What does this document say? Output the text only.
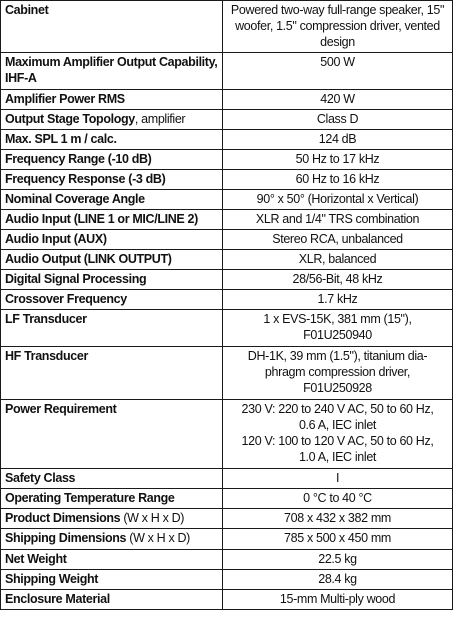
Cabinet	Powered two-way full-range speaker, 15"
woofer, 1.5" compression driver, vented
design

Maximum Amplifier Output Capability, IHF-A	500 W

Amplifier Power RMS	420 W

Output Stage Topology, amplifier	Class D

Max. SPL 1 m / calc.	124 dB

Frequency Range (-10 dB)	50 Hz to 17 kHz

Frequency Response (-3 dB)	60 Hz to 16 kHz

Nominal Coverage Angle	90° x 50° (Horizontal x Vertical)

Audio Input (LINE 1 or MIC/LINE 2)	XLR and 1/4" TRS combination

Audio Input (AUX)	Stereo RCA, unbalanced

Audio Output (LINK OUTPUT)	XLR, balanced

Digital Signal Processing	28/56-Bit, 48 kHz

Crossover Frequency	1.7 kHz

LF Transducer	1 x EVS-15K, 381 mm (15"),
F01U250940

HF Transducer	DH-1K, 39 mm (1.5"), titanium dia-
phragm compression driver,
F01U250928

Power Requirement	230 V: 220 to 240 V AC, 50 to 60 Hz,
0.6 A, IEC inlet
120 V: 100 to 120 V AC, 50 to 60 Hz,
1.0 A, IEC inlet

Safety Class	I

Operating Temperature Range	0 °C to 40 °C

Product Dimensions (W x H x D)	708 x 432 x 382 mm

Shipping Dimensions (W x H x D)	785 x 500 x 450 mm

Net Weight	22.5 kg

Shipping Weight	28.4 kg

Enclosure Material	15-mm Multi-ply wood
